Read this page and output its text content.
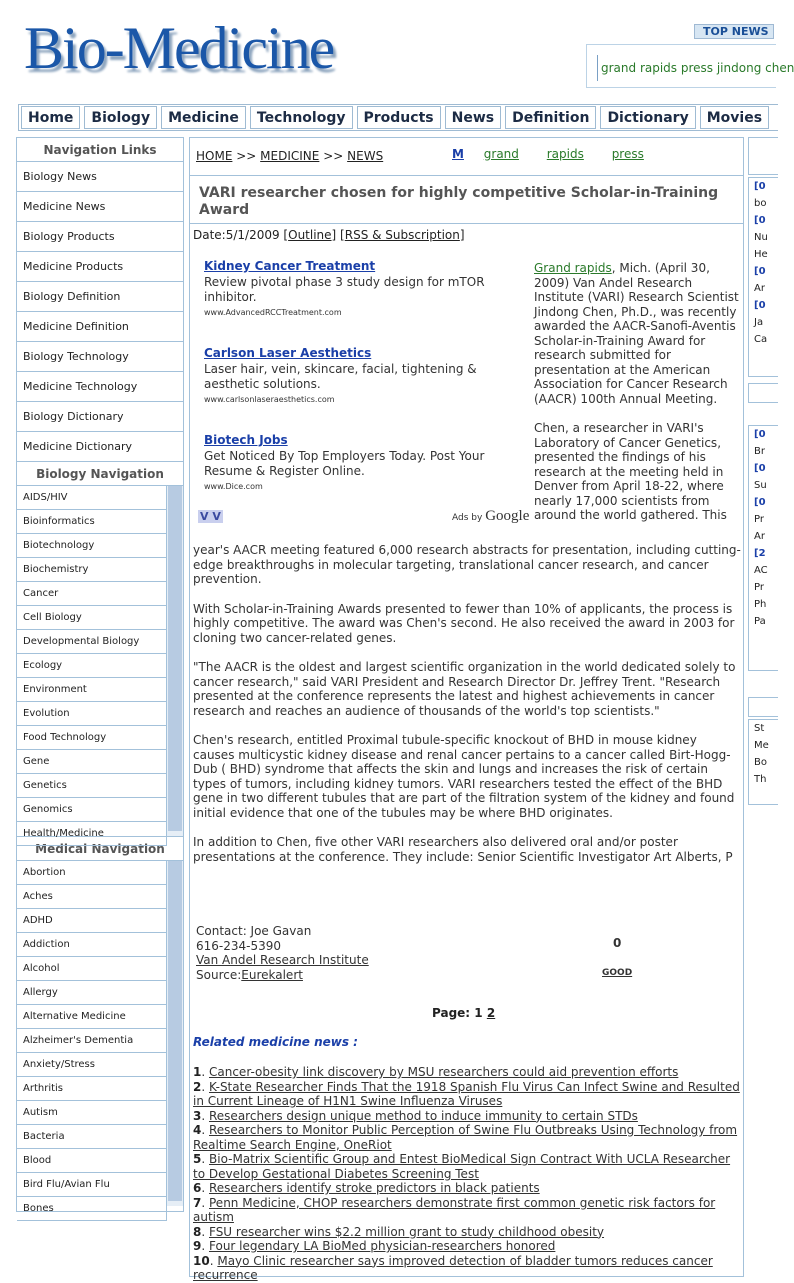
Bio-Medicine	TOP NEWS
grand rapids press jindong chen
Home	Biology	Medicine	Technology	Products	News	Definition	Dictionary	Movies
Navigation Links
Biology News
Medicine News
Biology Products
Medicine Products
Biology Definition
Medicine Definition
Biology Technology
Medicine Technology
Biology Dictionary
Medicine Dictionary
Biology Navigation
AIDS/HIV
Bioinformatics
Biotechnology
Biochemistry
Cancer
Cell Biology
Developmental Biology
Ecology
Environment
Evolution
Food Technology
Gene
Genetics
Genomics
Health/Medicine
Medical Navigation
Abortion
Aches
ADHD
Addiction
Alcohol
Allergy
Alternative Medicine
Alzheimer's Dementia
Anxiety/Stress
Arthritis
Autism
Bacteria
Blood
Bird Flu/Avian Flu
Bones
HOME >> MEDICINE >> NEWS	M grand rapids press
VARI researcher chosen for highly competitive Scholar-in-Training Award
Date:5/1/2009 [Outline] [RSS & Subscription]
Kidney Cancer Treatment
Review pivotal phase 3 study design for mTOR inhibitor.
www.AdvancedRCCTreatment.com
Carlson Laser Aesthetics
Laser hair, vein, skincare, facial, tightening & aesthetic solutions.
www.carlsonlaseraesthetics.com
Biotech Jobs
Get Noticed By Top Employers Today. Post Your Resume & Register Online.
www.Dice.com
V V	Ads by Google

Grand rapids, Mich. (April 30, 2009) Van Andel Research Institute (VARI) Research Scientist Jindong Chen, Ph.D., was recently awarded the AACR-Sanofi-Aventis Scholar-in-Training Award for research submitted for presentation at the American Association for Cancer Research (AACR) 100th Annual Meeting.

Chen, a researcher in VARI's Laboratory of Cancer Genetics, presented the findings of his research at the meeting held in Denver from April 18-22, where nearly 17,000 scientists from around the world gathered. This

year's AACR meeting featured 6,000 research abstracts for presentation, including cutting-edge breakthroughs in molecular targeting, translational cancer research, and cancer prevention.

With Scholar-in-Training Awards presented to fewer than 10% of applicants, the process is highly competitive. The award was Chen's second. He also received the award in 2003 for cloning two cancer-related genes.

"The AACR is the oldest and largest scientific organization in the world dedicated solely to cancer research," said VARI President and Research Director Dr. Jeffrey Trent. "Research presented at the conference represents the latest and highest achievements in cancer research and reaches an audience of thousands of the world's top scientists."

Chen's research, entitled Proximal tubule-specific knockout of BHD in mouse kidney causes multicystic kidney disease and renal cancer pertains to a cancer called Birt-Hogg-Dub ( BHD) syndrome that affects the skin and lungs and increases the risk of certain types of tumors, including kidney tumors. VARI researchers tested the effect of the BHD gene in two different tubules that are part of the filtration system of the kidney and found initial evidence that one of the tubules may be where BHD originates.

In addition to Chen, five other VARI researchers also delivered oral and/or poster presentations at the conference. They include: Senior Scientific Investigator Art Alberts, P

Contact: Joe Gavan
616-234-5390
Van Andel Research Institute
Source:Eurekalert
0
GOOD
Page: 1 2
Related medicine news :
1. Cancer-obesity link discovery by MSU researchers could aid prevention efforts
2. K-State Researcher Finds That the 1918 Spanish Flu Virus Can Infect Swine and Resulted in Current Lineage of H1N1 Swine Influenza Viruses
3. Researchers design unique method to induce immunity to certain STDs
4. Researchers to Monitor Public Perception of Swine Flu Outbreaks Using Technology from Realtime Search Engine, OneRiot
5. Bio-Matrix Scientific Group and Entest BioMedical Sign Contract With UCLA Researcher to Develop Gestational Diabetes Screening Test
6. Researchers identify stroke predictors in black patients
7. Penn Medicine, CHOP researchers demonstrate first common genetic risk factors for autism
8. FSU researcher wins $2.2 million grant to study childhood obesity
9. Four legendary LA BioMed physician-researchers honored
10. Mayo Clinic researcher says improved detection of bladder tumors reduces cancer recurrence
[0
bo
[0
Nu
He
[0
Ar
[0
Ja
Ca
[0
Br
[0
Su
[0
Pr
Ar
[2
AC
Pr
Ph
Pa
St
Me
Bo
Th
